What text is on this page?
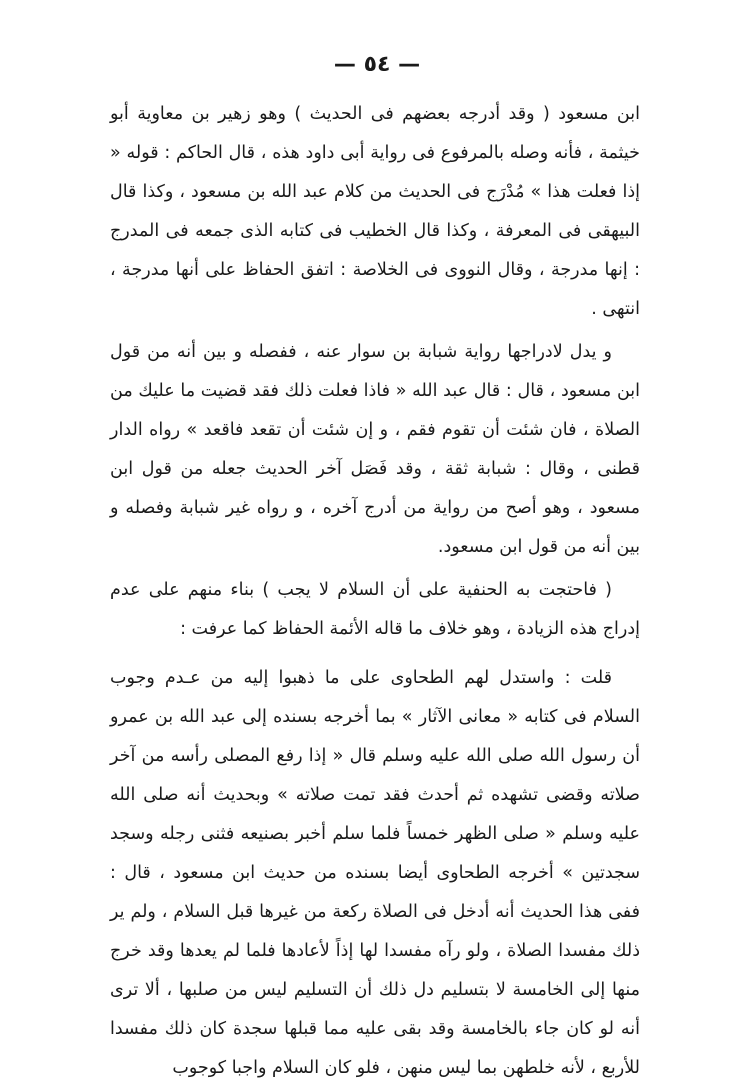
— ٥٤ —

ابن مسعود ( وقد أدرجه بعضهم فى الحديث ) وهو زهير بن معاوية أبو خيثمة ، فأنه وصله بالمرفوع فى رواية أبى داود هذه ، قال الحاكم : قوله « إذا فعلت هذا » مُدْرَج فى الحديث من كلام عبد الله بن مسعود ، وكذا قال البيهقى فى المعرفة ، وكذا قال الخطيب فى كتابه الذى جمعه فى المدرج : إنها مدرجة ، وقال النووى فى الخلاصة : اتفق الحفاظ على أنها مدرجة ، انتهى .

و يدل لادراجها رواية شبابة بن سوار عنه ، ففصله و بين أنه من قول ابن مسعود ، قال : قال عبد الله « فاذا فعلت ذلك فقد قضيت ما عليك من الصلاة ، فان شئت أن تقوم فقم ، و إن شئت أن تقعد فاقعد » رواه الدار قطنى ، وقال : شبابة ثقة ، وقد فَصَل آخر الحديث جعله من قول ابن مسعود ، وهو أصح من رواية من أدرج آخره ، و رواه غير شبابة وفصله و بين أنه من قول ابن مسعود.

( فاحتجت به الحنفية على أن السلام لا يجب ) بناء منهم على عدم إدراج هذه الزيادة ، وهو خلاف ما قاله الأئمة الحفاظ كما عرفت :

قلت : واستدل لهم الطحاوى على ما ذهبوا إليه من عـدم وجوب السلام فى كتابه « معانى الآثار » بما أخرجه بسنده إلى عبد الله بن عمرو أن رسول الله صلى الله عليه وسلم قال « إذا رفع المصلى رأسه من آخر صلاته وقضى تشهده ثم أحدث فقد تمت صلاته » وبحديث أنه صلى الله عليه وسلم « صلى الظهر خمساً فلما سلم أخبر بصنيعه فثنى رجله وسجد سجدتين » أخرجه الطحاوى أيضا بسنده من حديث ابن مسعود ، قال : ففى هذا الحديث أنه أدخل فى الصلاة ركعة من غيرها قبل السلام ، ولم ير ذلك مفسدا الصلاة ، ولو رآه مفسدا لها إذاً لأعادها فلما لم يعدها وقد خرج منها إلى الخامسة لا بتسليم دل ذلك أن التسليم ليس من صلبها ، ألا ترى أنه لو كان جاء بالخامسة وقد بقى عليه مما قبلها سجدة كان ذلك مفسدا للأربع ، لأنه خلطهن بما ليس منهن ، فلو كان السلام واجبا كوجوب
